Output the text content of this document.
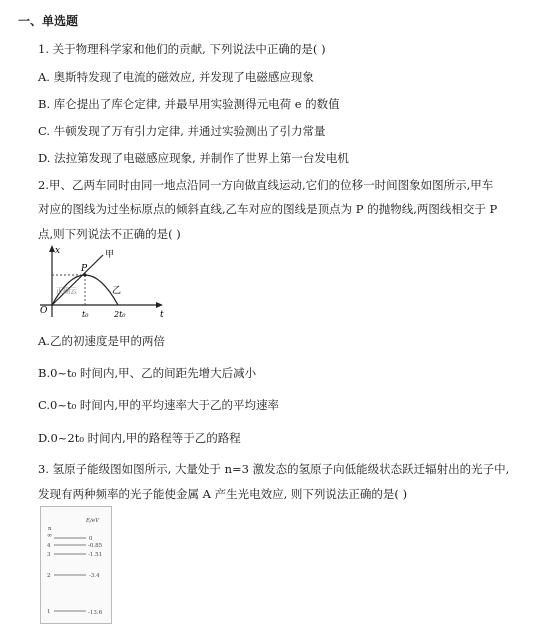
一、单选题
1. 关于物理科学家和他们的贡献, 下列说法中正确的是( )
A. 奥斯特发现了电流的磁效应, 并发现了电磁感应现象
B. 库仑提出了库仑定律, 并最早用实验测得元电荷 e 的数值
C. 牛顿发现了万有引力定律, 并通过实验测出了引力常量
D. 法拉第发现了电磁感应现象, 并制作了世界上第一台发电机
2.甲、乙两车同时由同一地点沿同一方向做直线运动,它们的位移一时间图象如图所示,甲车
对应的图线为过坐标原点的倾斜直线,乙车对应的图线是顶点为 P 的抛物线,两图线相交于 P
点,则下列说法不正确的是( )
x
t
O
P
甲
乙
t₀	2t₀
正确云
A.乙的初速度是甲的两倍
B.0~t₀ 时间内,甲、乙的间距先增大后减小
C.0~t₀ 时间内,甲的平均速率大于乙的平均速率
D.0~2t₀ 时间内,甲的路程等于乙的路程
3. 氢原子能级图如图所示, 大量处于 n=3 激发态的氢原子向低能级状态跃迁辐射出的光子中,
发现有两种频率的光子能使金属 A 产生光电效应, 则下列说法正确的是( )
E/eV
n
∞	0
4	-0.85
3	-1.51
2	-3.4
1	-13.6
